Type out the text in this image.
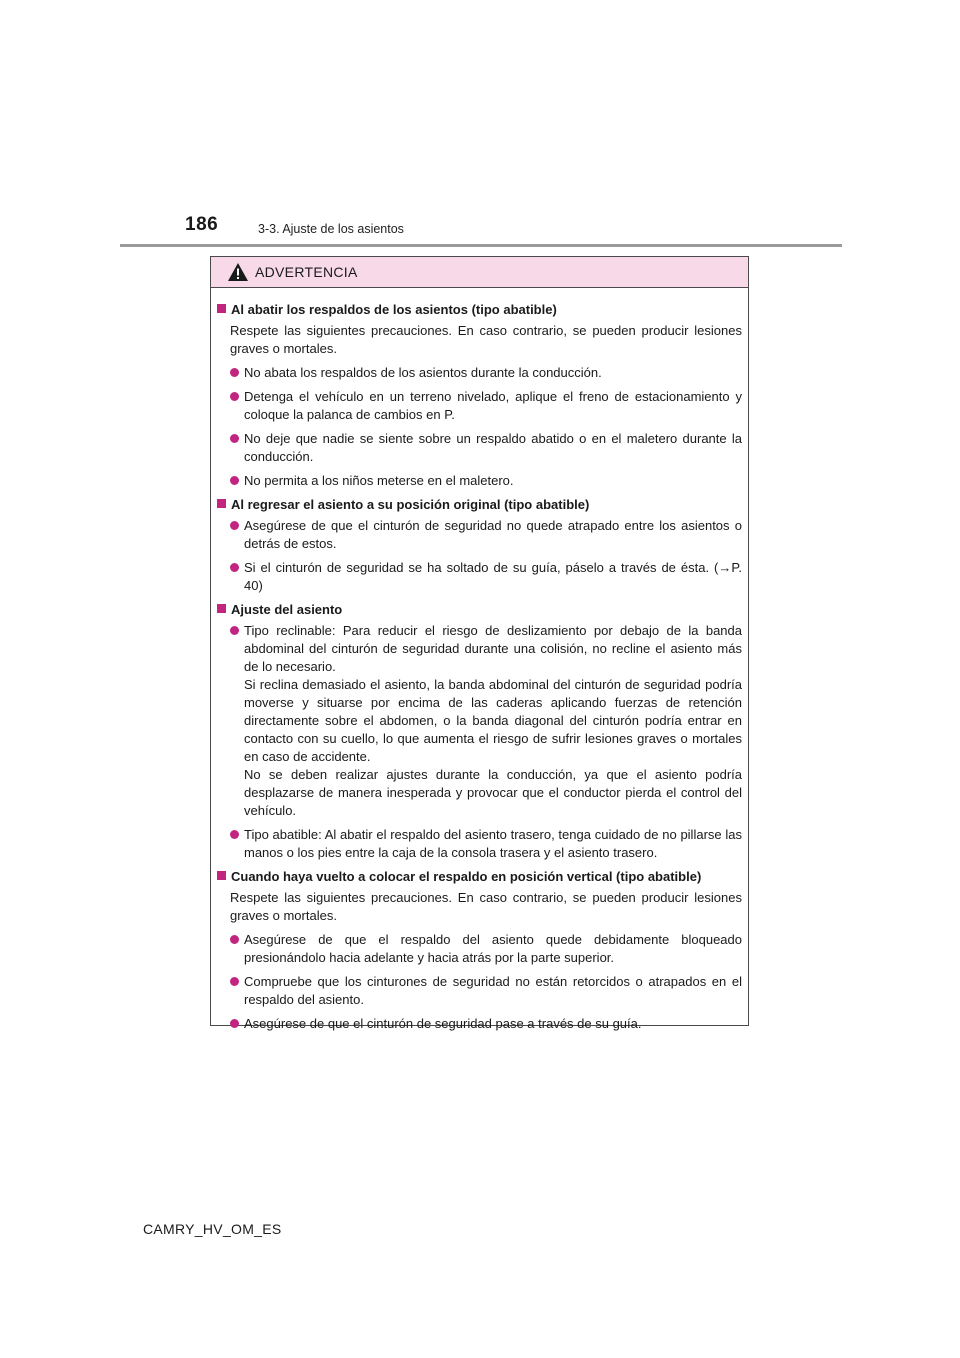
186	3-3. Ajuste de los asientos
ADVERTENCIA
Al abatir los respaldos de los asientos (tipo abatible)
Respete las siguientes precauciones. En caso contrario, se pueden producir lesiones graves o mortales.
No abata los respaldos de los asientos durante la conducción.
Detenga el vehículo en un terreno nivelado, aplique el freno de estacionamiento y coloque la palanca de cambios en P.
No deje que nadie se siente sobre un respaldo abatido o en el maletero durante la conducción.
No permita a los niños meterse en el maletero.
Al regresar el asiento a su posición original (tipo abatible)
Asegúrese de que el cinturón de seguridad no quede atrapado entre los asientos o detrás de estos.
Si el cinturón de seguridad se ha soltado de su guía, páselo a través de ésta. (→P. 40)
Ajuste del asiento
Tipo reclinable: Para reducir el riesgo de deslizamiento por debajo de la banda abdominal del cinturón de seguridad durante una colisión, no recline el asiento más de lo necesario.
Si reclina demasiado el asiento, la banda abdominal del cinturón de seguridad podría moverse y situarse por encima de las caderas aplicando fuerzas de retención directamente sobre el abdomen, o la banda diagonal del cinturón podría entrar en contacto con su cuello, lo que aumenta el riesgo de sufrir lesiones graves o mortales en caso de accidente.
No se deben realizar ajustes durante la conducción, ya que el asiento podría desplazarse de manera inesperada y provocar que el conductor pierda el control del vehículo.
Tipo abatible: Al abatir el respaldo del asiento trasero, tenga cuidado de no pillarse las manos o los pies entre la caja de la consola trasera y el asiento trasero.
Cuando haya vuelto a colocar el respaldo en posición vertical (tipo abatible)
Respete las siguientes precauciones. En caso contrario, se pueden producir lesiones graves o mortales.
Asegúrese de que el respaldo del asiento quede debidamente bloqueado presionándolo hacia adelante y hacia atrás por la parte superior.
Compruebe que los cinturones de seguridad no están retorcidos o atrapados en el respaldo del asiento.
Asegúrese de que el cinturón de seguridad pase a través de su guía.
CAMRY_HV_OM_ES
